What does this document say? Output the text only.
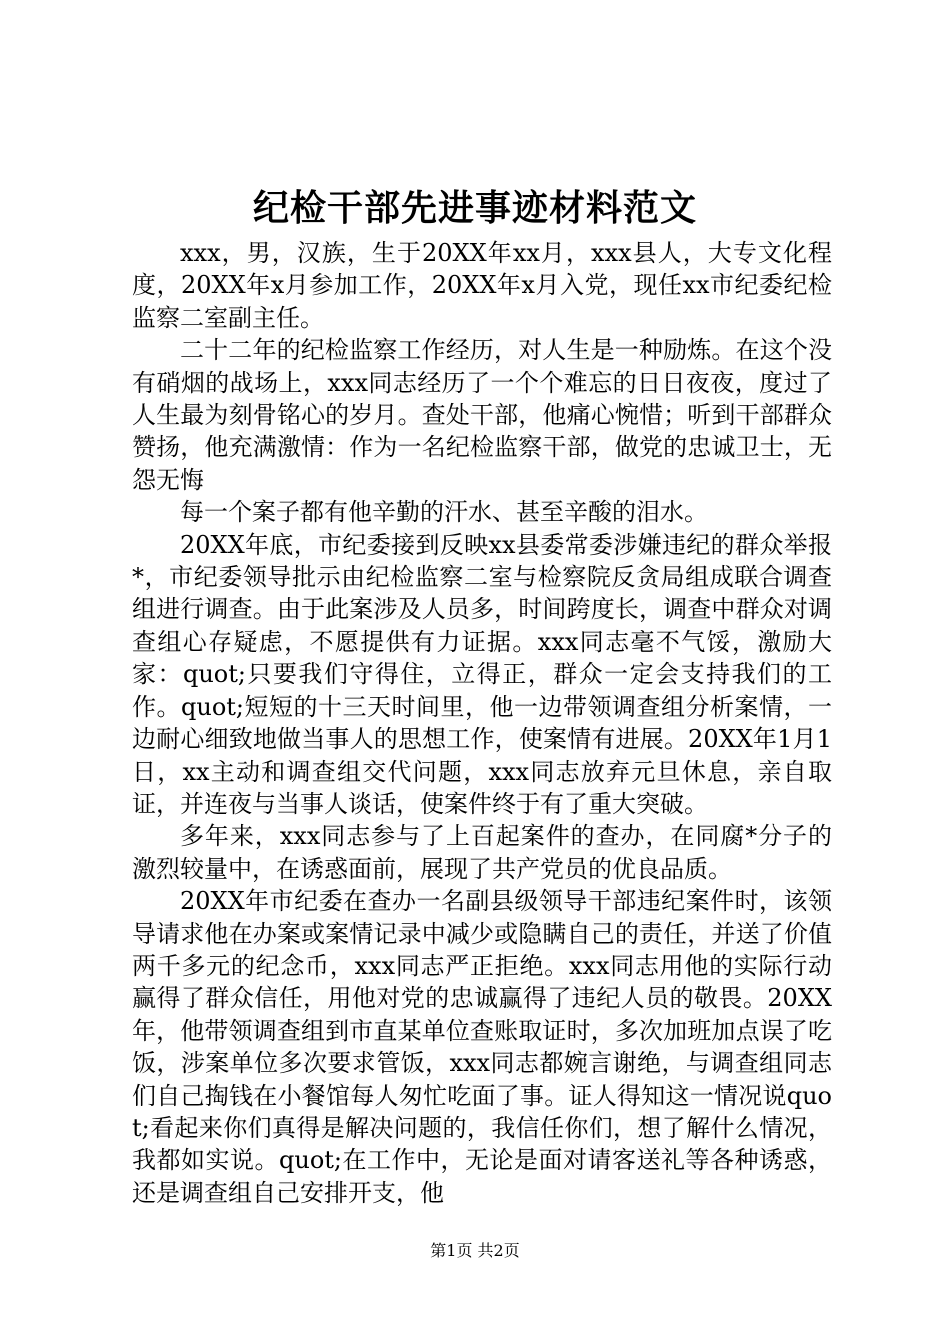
纪检干部先进事迹材料范文

xxx，男，汉族，生于20XX年xx月，xxx县人，大专文化程度，20XX年x月参加工作，20XX年x月入党，现任xx市纪委纪检监察二室副主任。

二十二年的纪检监察工作经历，对人生是一种励炼。在这个没有硝烟的战场上，xxx同志经历了一个个难忘的日日夜夜，度过了人生最为刻骨铭心的岁月。查处干部，他痛心惋惜；听到干部群众赞扬，他充满激情：作为一名纪检监察干部，做党的忠诚卫士，无怨无悔

每一个案子都有他辛勤的汗水、甚至辛酸的泪水。

20XX年底，市纪委接到反映xx县委常委涉嫌违纪的群众举报*，市纪委领导批示由纪检监察二室与检察院反贪局组成联合调查组进行调查。由于此案涉及人员多，时间跨度长，调查中群众对调查组心存疑虑，不愿提供有力证据。xxx同志毫不气馁，激励大家：quot;只要我们守得住，立得正，群众一定会支持我们的工作。quot;短短的十三天时间里，他一边带领调查组分析案情，一边耐心细致地做当事人的思想工作，使案情有进展。20XX年1月1日，xx主动和调查组交代问题，xxx同志放弃元旦休息，亲自取证，并连夜与当事人谈话，使案件终于有了重大突破。

多年来，xxx同志参与了上百起案件的查办，在同腐*分子的激烈较量中，在诱惑面前，展现了共产党员的优良品质。

20XX年市纪委在查办一名副县级领导干部违纪案件时，该领导请求他在办案或案情记录中减少或隐瞒自己的责任，并送了价值两千多元的纪念币，xxx同志严正拒绝。xxx同志用他的实际行动赢得了群众信任，用他对党的忠诚赢得了违纪人员的敬畏。20XX年，他带领调查组到市直某单位查账取证时，多次加班加点误了吃饭，涉案单位多次要求管饭，xxx同志都婉言谢绝，与调查组同志们自己掏钱在小餐馆每人匆忙吃面了事。证人得知这一情况说quot;看起来你们真得是解决问题的，我信任你们，想了解什么情况，我都如实说。quot;在工作中，无论是面对请客送礼等各种诱惑，还是调查组自己安排开支，他

第1页 共2页
